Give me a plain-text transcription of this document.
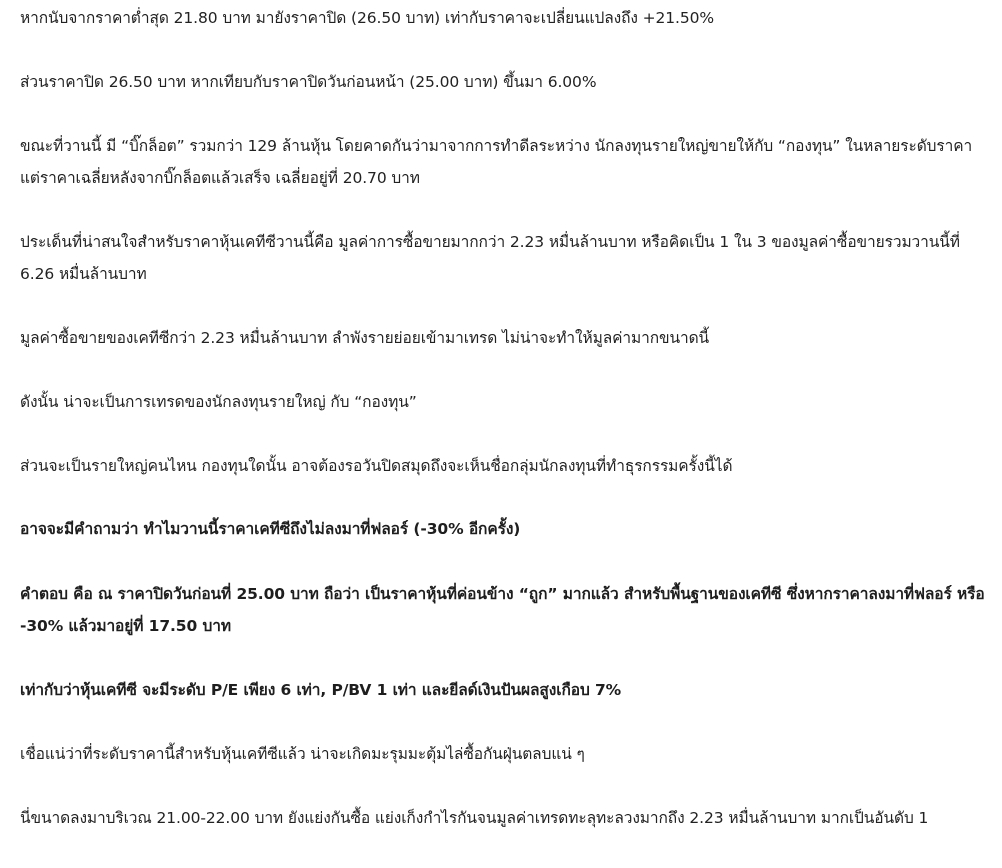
หากนับจากราคาต่ำสุด 21.80 บาท มายังราคาปิด (26.50 บาท) เท่ากับราคาจะเปลี่ยนแปลงถึง +21.50%

ส่วนราคาปิด 26.50 บาท หากเทียบกับราคาปิดวันก่อนหน้า (25.00 บาท) ขึ้นมา 6.00%

ขณะที่วานนี้ มี “บิ๊กล็อต” รวมกว่า 129 ล้านหุ้น โดยคาดกันว่ามาจากการทำดีลระหว่าง นักลงทุนรายใหญ่ขายให้กับ “กองทุน” ในหลายระดับราคา แต่ราคาเฉลี่ยหลังจากบิ๊กล็อตแล้วเสร็จ เฉลี่ยอยู่ที่ 20.70 บาท

ประเด็นที่น่าสนใจสำหรับราคาหุ้นเคทีซีวานนี้คือ มูลค่าการซื้อขายมากกว่า 2.23 หมื่นล้านบาท หรือคิดเป็น 1 ใน 3 ของมูลค่าซื้อขายรวมวานนี้ที่ 6.26 หมื่นล้านบาท

มูลค่าซื้อขายของเคทีซีกว่า 2.23 หมื่นล้านบาท ลำพังรายย่อยเข้ามาเทรด ไม่น่าจะทำให้มูลค่ามากขนาดนี้

ดังนั้น น่าจะเป็นการเทรดของนักลงทุนรายใหญ่ กับ “กองทุน”

ส่วนจะเป็นรายใหญ่คนไหน กองทุนใดนั้น อาจต้องรอวันปิดสมุดถึงจะเห็นชื่อกลุ่มนักลงทุนที่ทำธุรกรรมครั้งนี้ได้

อาจจะมีคำถามว่า ทำไมวานนี้ราคาเคทีซีถึงไม่ลงมาที่ฟลอร์ (-30% อีกครั้ง)

คำตอบ คือ ณ ราคาปิดวันก่อนที่ 25.00 บาท ถือว่า เป็นราคาหุ้นที่ค่อนข้าง “ถูก” มากแล้ว สำหรับพื้นฐานของเคทีซี ซึ่งหากราคาลงมาที่ฟลอร์ หรือ -30% แล้วมาอยู่ที่ 17.50 บาท

เท่ากับว่าหุ้นเคทีซี จะมีระดับ P/E เพียง 6 เท่า, P/BV 1 เท่า และยีลด์เงินปันผลสูงเกือบ 7%

เชื่อแน่ว่าที่ระดับราคานี้สำหรับหุ้นเคทีซีแล้ว น่าจะเกิดมะรุมมะตุ้มไล่ซื้อกันฝุ่นตลบแน่ ๆ

นี่ขนาดลงมาบริเวณ 21.00-22.00 บาท ยังแย่งกันซื้อ แย่งเก็งกำไรกันจนมูลค่าเทรดทะลุทะลวงมากถึง 2.23 หมื่นล้านบาท มากเป็นอันดับ 1
